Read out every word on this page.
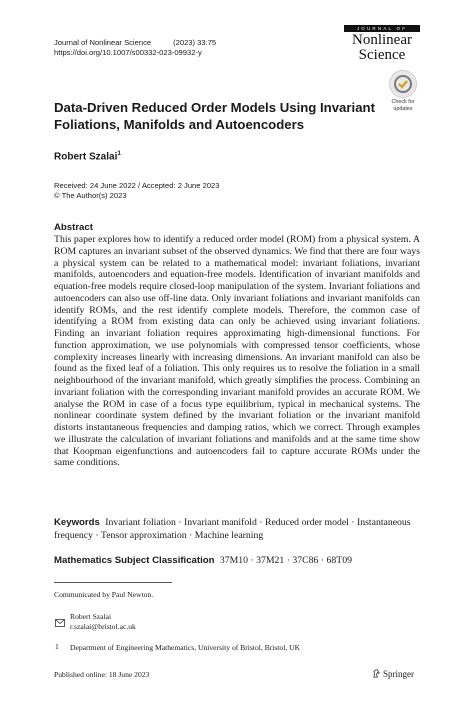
Journal of Nonlinear Science	(2023) 33:75
https://doi.org/10.1007/s00332-023-09932-y
JOURNAL OF
Nonlinear
Science
Check for
updates
Data-Driven Reduced Order Models Using Invariant Foliations, Manifolds and Autoencoders
Robert Szalai$^1$
Received: 24 June 2022 / Accepted: 2 June 2023
© The Author(s) 2023
Abstract
This paper explores how to identify a reduced order model (ROM) from a physical system. A ROM captures an invariant subset of the observed dynamics. We find that there are four ways a physical system can be related to a mathematical model: invariant foliations, invariant manifolds, autoencoders and equation-free models. Identification of invariant manifolds and equation-free models require closed-loop manipulation of the system. Invariant foliations and autoencoders can also use off-line data. Only invariant foliations and invariant manifolds can identify ROMs, and the rest identify complete models. Therefore, the common case of identifying a ROM from existing data can only be achieved using invariant foliations. Finding an invariant foliation requires approximating high-dimensional functions. For function approximation, we use polynomials with compressed tensor coefficients, whose complexity increases linearly with increasing dimensions. An invariant manifold can also be found as the fixed leaf of a foliation. This only requires us to resolve the foliation in a small neighbourhood of the invariant manifold, which greatly simplifies the process. Combining an invariant foliation with the corresponding invariant manifold provides an accurate ROM. We analyse the ROM in case of a focus type equilibrium, typical in mechanical systems. The nonlinear coordinate system defined by the invariant foliation or the invariant manifold distorts instantaneous frequencies and damping ratios, which we correct. Through examples we illustrate the calculation of invariant foliations and manifolds and at the same time show that Koopman eigenfunctions and autoencoders fail to capture accurate ROMs under the same conditions.
Keywords Invariant foliation · Invariant manifold · Reduced order model · Instantaneous frequency · Tensor approximation · Machine learning
Mathematics Subject Classification 37M10 · 37M21 · 37C86 · 68T09
Communicated by Paul Newton.
Robert Szalai
r.szalai@bristol.ac.uk
1 Department of Engineering Mathematics, University of Bristol, Bristol, UK
Published online: 18 June 2023	Springer
